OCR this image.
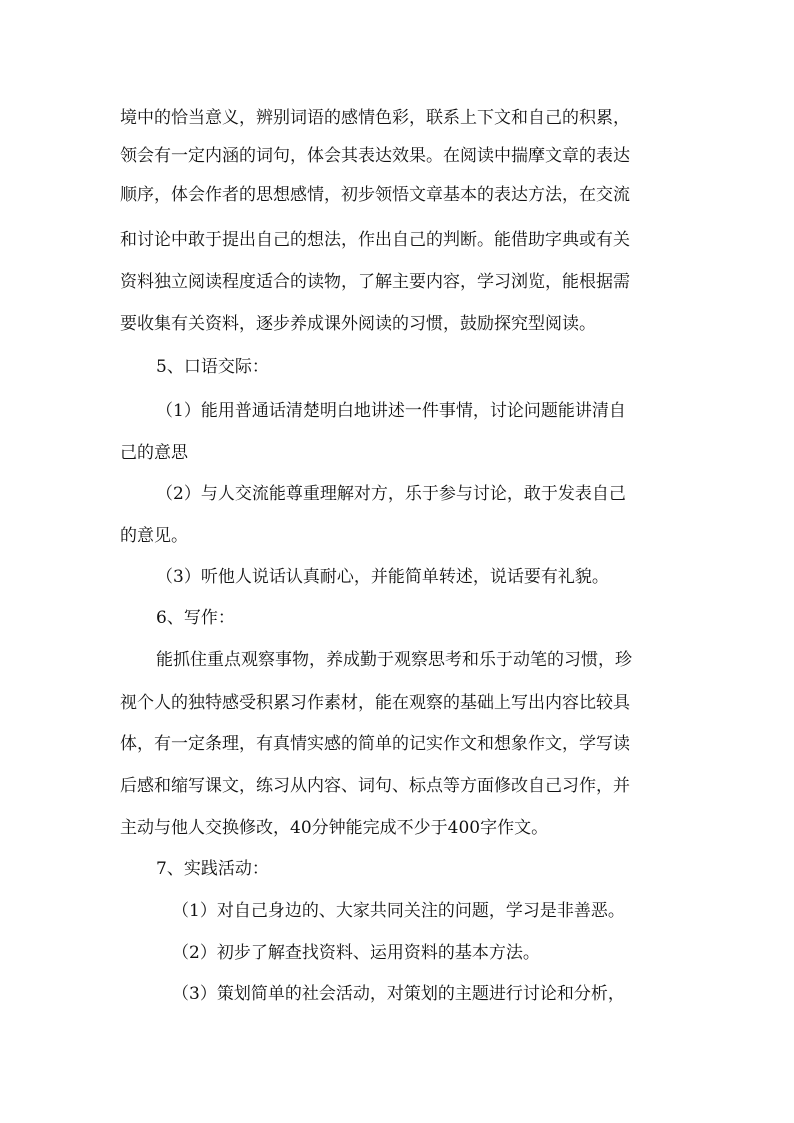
境中的恰当意义，辨别词语的感情色彩，联系上下文和自己的积累，
领会有一定内涵的词句，体会其表达效果。在阅读中揣摩文章的表达
顺序，体会作者的思想感情，初步领悟文章基本的表达方法，在交流
和讨论中敢于提出自己的想法，作出自己的判断。能借助字典或有关
资料独立阅读程度适合的读物，了解主要内容，学习浏览，能根据需
要收集有关资料，逐步养成课外阅读的习惯，鼓励探究型阅读。
5、口语交际：
（1）能用普通话清楚明白地讲述一件事情，讨论问题能讲清自
己的意思
（2）与人交流能尊重理解对方，乐于参与讨论，敢于发表自己
的意见。
（3）听他人说话认真耐心，并能简单转述，说话要有礼貌。
6、写作：
能抓住重点观察事物，养成勤于观察思考和乐于动笔的习惯，珍
视个人的独特感受积累习作素材，能在观察的基础上写出内容比较具
体，有一定条理，有真情实感的简单的记实作文和想象作文，学写读
后感和缩写课文，练习从内容、词句、标点等方面修改自己习作，并
主动与他人交换修改，40分钟能完成不少于400字作文。
7、实践活动：
（1）对自己身边的、大家共同关注的问题，学习是非善恶。
（2）初步了解查找资料、运用资料的基本方法。
（3）策划简单的社会活动，对策划的主题进行讨论和分析，
